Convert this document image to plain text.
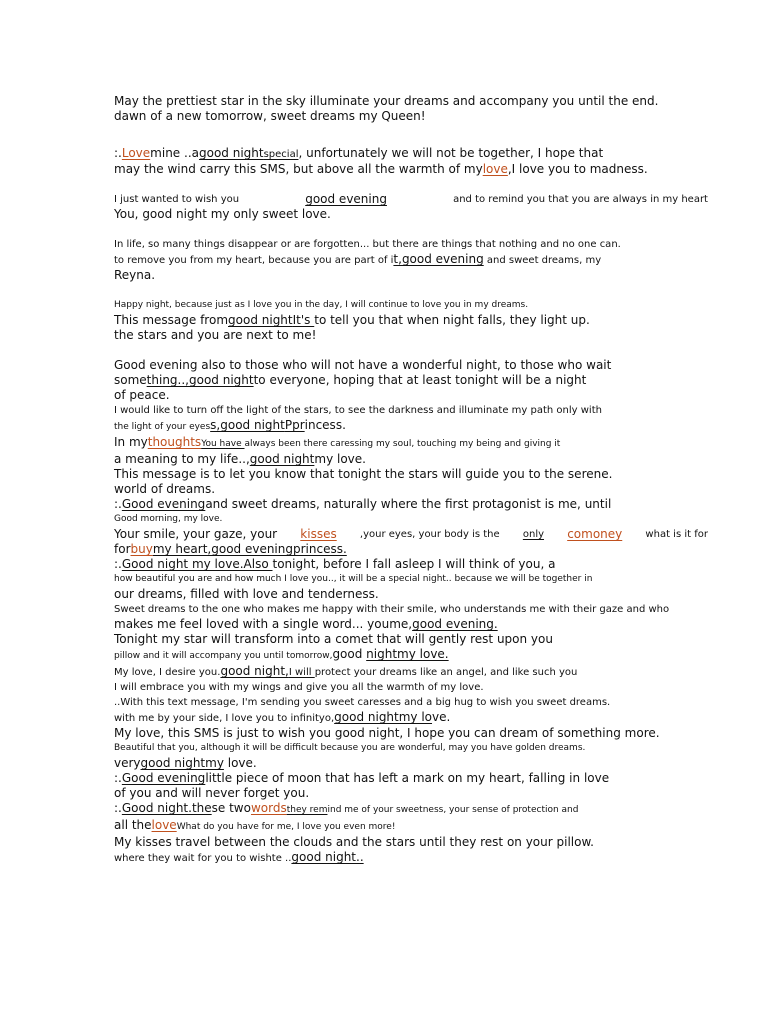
May the prettiest star in the sky illuminate your dreams and accompany you until the end.
dawn of a new tomorrow, sweet dreams my Queen!
:.Lovemine ..agood nightspecial, unfortunately we will not be together, I hope that
may the wind carry this SMS, but above all the warmth of mylove,I love you to madness.
I just wanted to wish you	good evening	and to remind you that you are always in my heart
You, good night my only sweet love.
In life, so many things disappear or are forgotten... but there are things that nothing and no one can.
to remove you from my heart, because you are part of it,good evening and sweet dreams, my
Reyna.
Happy night, because just as I love you in the day, I will continue to love you in my dreams.
This message fromgood nightIt's to tell you that when night falls, they light up.
the stars and you are next to me!
Good evening also to those who will not have a wonderful night, to those who wait
something..,good nightto everyone, hoping that at least tonight will be a night
of peace.
I would like to turn off the light of the stars, to see the darkness and illuminate my path only with
the light of your eyess,good nightPprincess.
In mythoughtsYou have always been there caressing my soul, touching my being and giving it
a meaning to my life..,good nightmy love.
This message is to let you know that tonight the stars will guide you to the serene.
world of dreams.
:.Good eveningand sweet dreams, naturally where the first protagonist is me, until
Good morning, my love.
Your smile, your gaze, your kisses ,your eyes, your body is the only comoney what is it for
forbuymy heart,good eveningprincess.
:.Good night my love.Also tonight, before I fall asleep I will think of you, a
how beautiful you are and how much I love you.., it will be a special night.. because we will be together in
our dreams, filled with love and tenderness.
Sweet dreams to the one who makes me happy with their smile, who understands me with their gaze and who
makes me feel loved with a single word... youme,good evening.
Tonight my star will transform into a comet that will gently rest upon you
pillow and it will accompany you until tomorrow,good nightmy love.
My love, I desire you.good night,I will protect your dreams like an angel, and like such you
I will embrace you with my wings and give you all the warmth of my love.
..With this text message, I'm sending you sweet caresses and a big hug to wish you sweet dreams.
with me by your side, I love you to infinityo,good nightmy love.
My love, this SMS is just to wish you good night, I hope you can dream of something more.
Beautiful that you, although it will be difficult because you are wonderful, may you have golden dreams.
verygood nightmy love.
:.Good eveninglittle piece of moon that has left a mark on my heart, falling in love
of you and will never forget you.
:.Good night.these twowordsthey remind me of your sweetness, your sense of protection and
all theloveWhat do you have for me, I love you even more!
My kisses travel between the clouds and the stars until they rest on your pillow.
where they wait for you to wishte ..good night..
